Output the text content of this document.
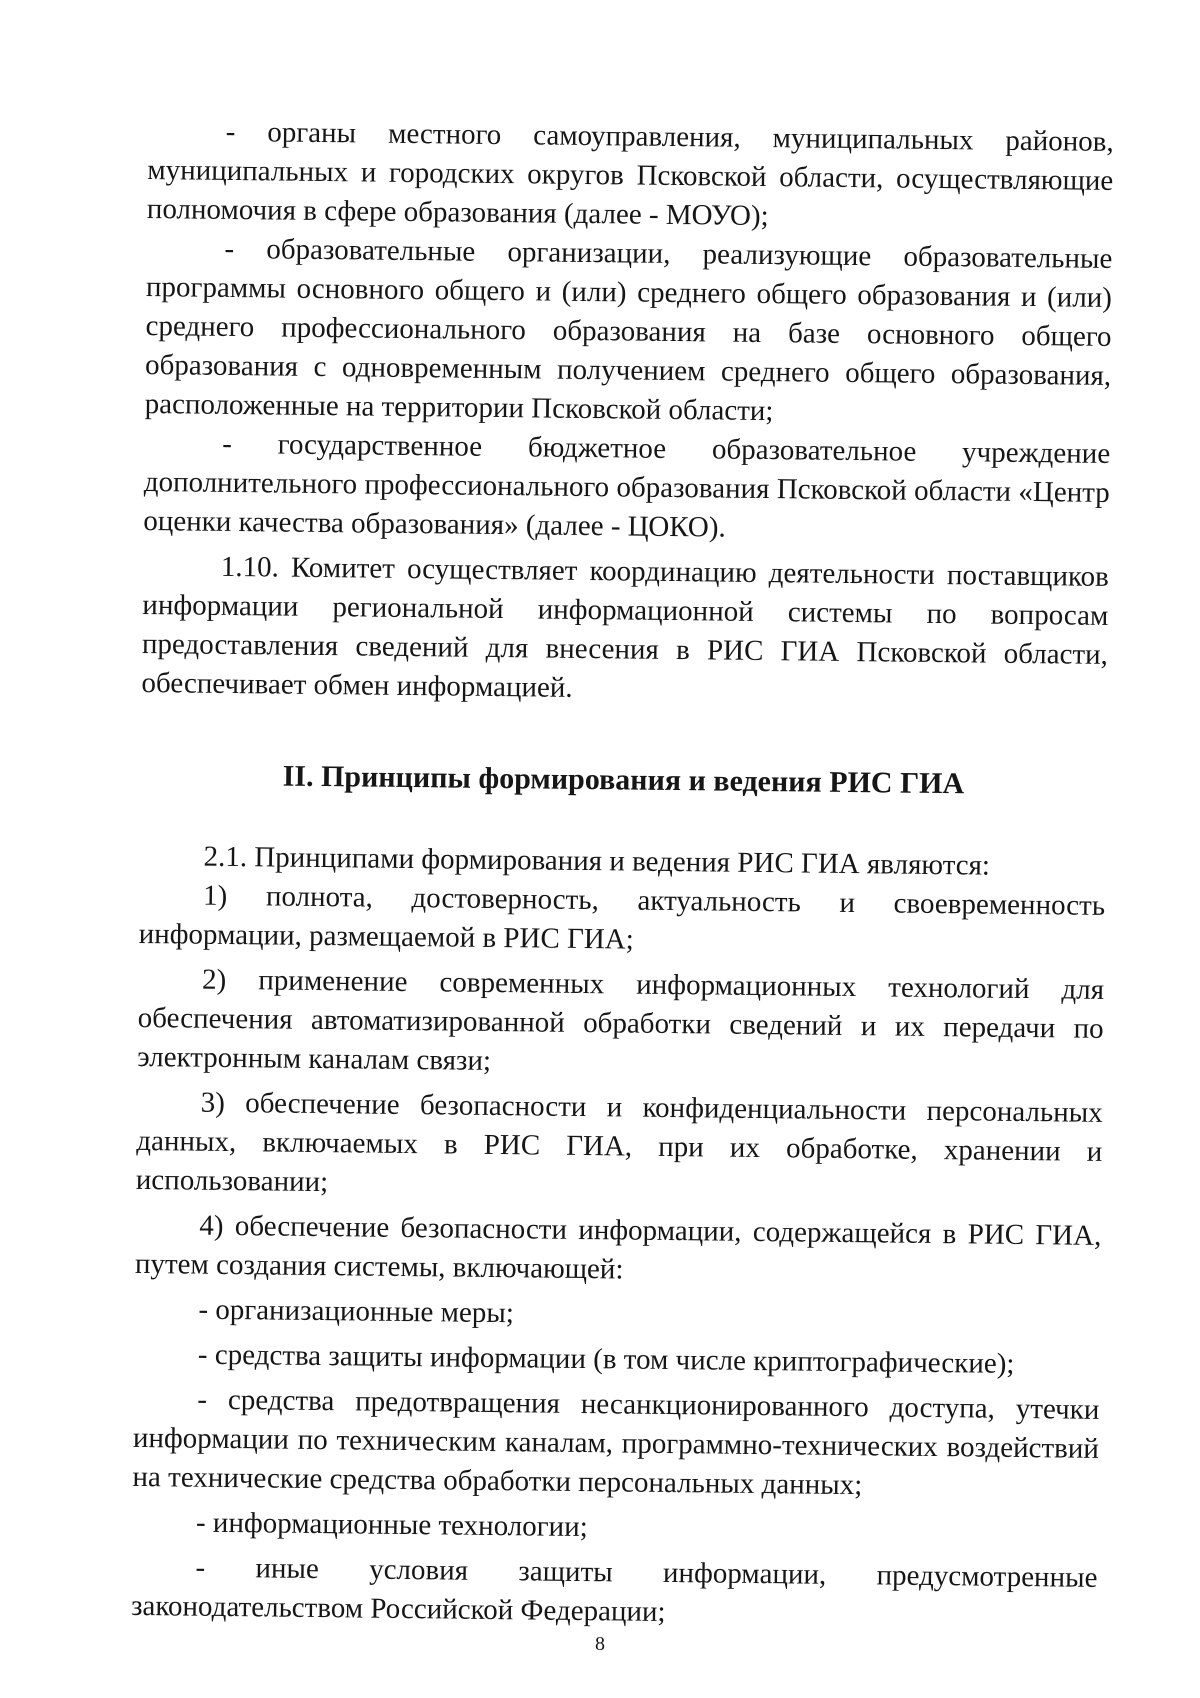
- органы местного самоуправления, муниципальных районов, муниципальных и городских округов Псковской области, осуществляющие полномочия в сфере образования (далее - МОУО);

- образовательные организации, реализующие образовательные программы основного общего и (или) среднего общего образования и (или) среднего профессионального образования на базе основного общего образования с одновременным получением среднего общего образования, расположенные на территории Псковской области;

- государственное бюджетное образовательное учреждение дополнительного профессионального образования Псковской области «Центр оценки качества образования» (далее - ЦОКО).

1.10. Комитет осуществляет координацию деятельности поставщиков информации региональной информационной системы по вопросам предоставления сведений для внесения в РИС ГИА Псковской области, обеспечивает обмен информацией.

II. Принципы формирования и ведения РИС ГИА

2.1. Принципами формирования и ведения РИС ГИА являются:

1) полнота, достоверность, актуальность и своевременность информации, размещаемой в РИС ГИА;

2) применение современных информационных технологий для обеспечения автоматизированной обработки сведений и их передачи по электронным каналам связи;

3) обеспечение безопасности и конфиденциальности персональных данных, включаемых в РИС ГИА, при их обработке, хранении и использовании;

4) обеспечение безопасности информации, содержащейся в РИС ГИА, путем создания системы, включающей:

- организационные меры;

- средства защиты информации (в том числе криптографические);

- средства предотвращения несанкционированного доступа, утечки информации по техническим каналам, программно-технических воздействий на технические средства обработки персональных данных;

- информационные технологии;

- иные условия защиты информации, предусмотренные законодательством Российской Федерации;

8
